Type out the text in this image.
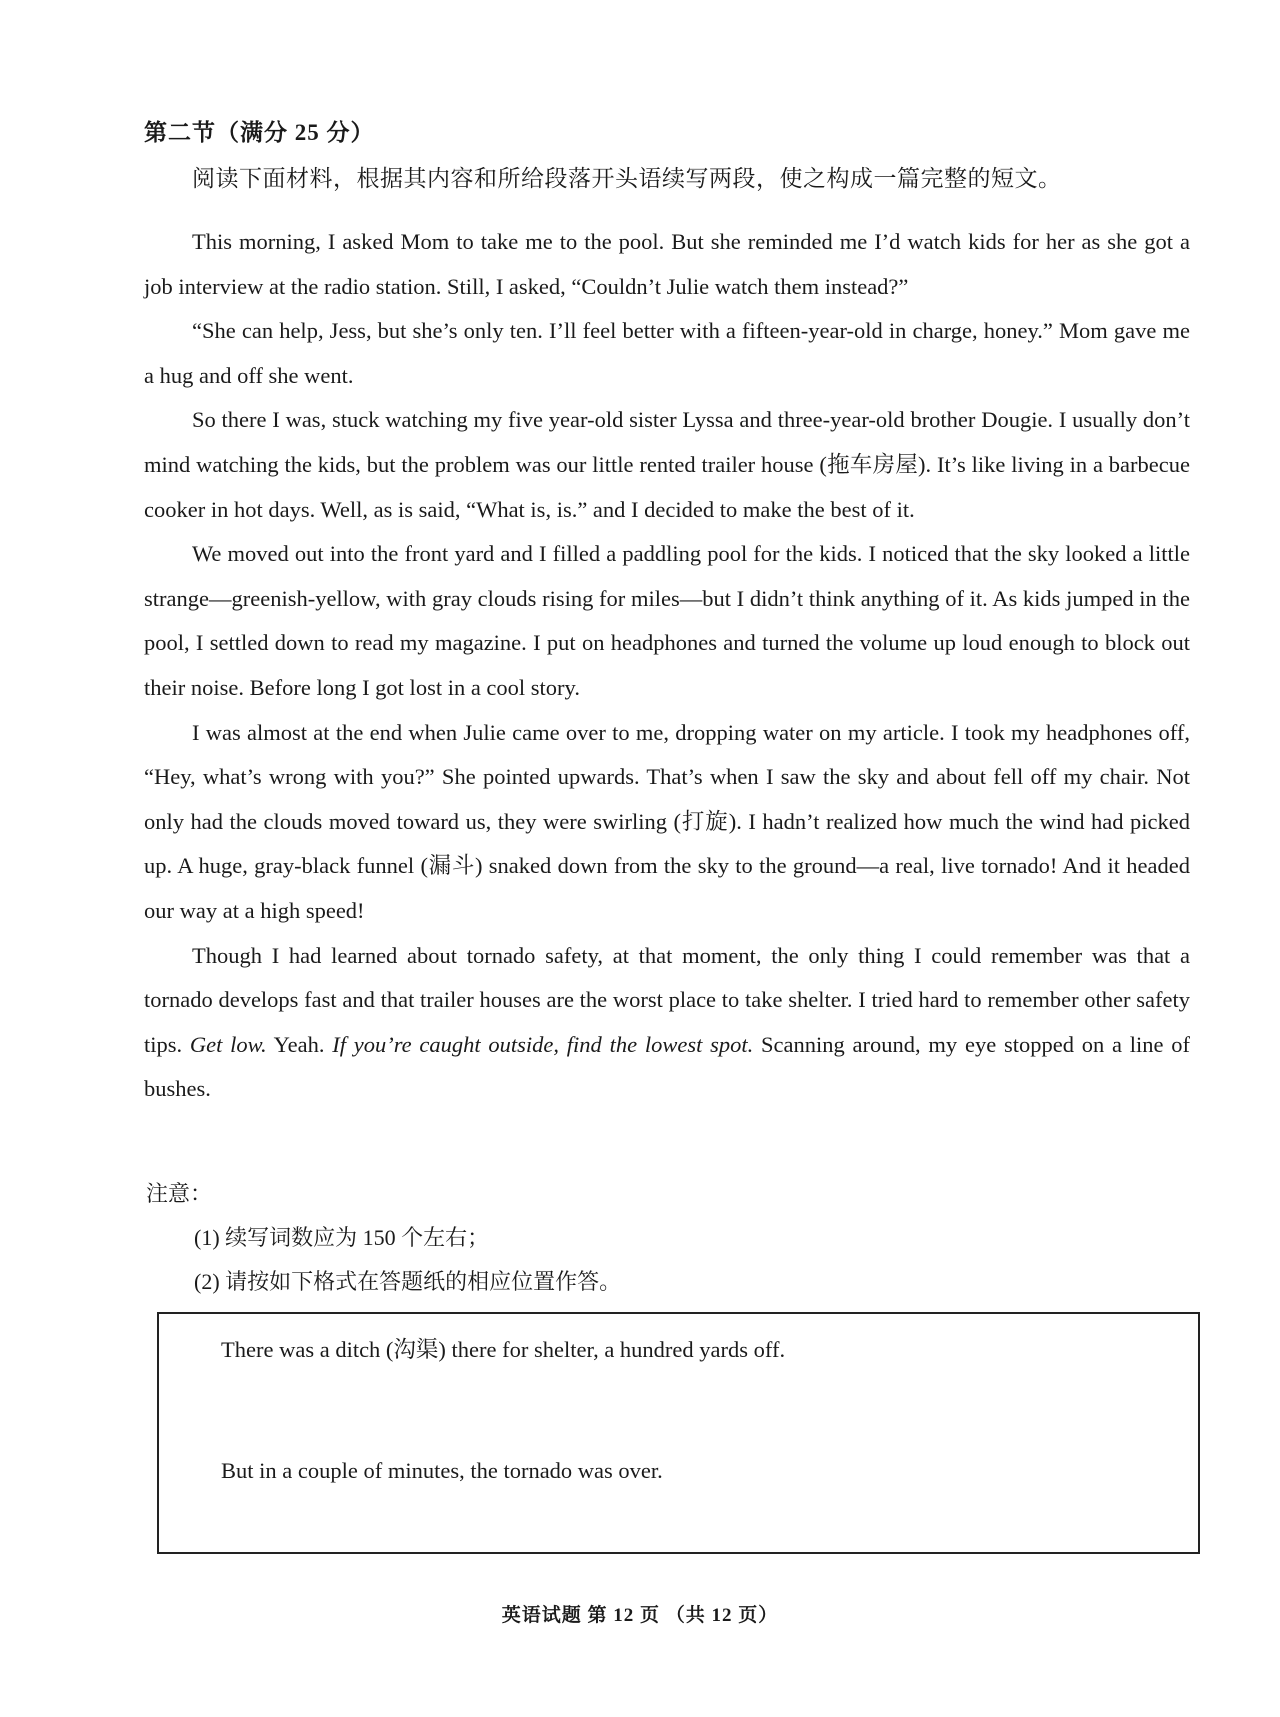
第二节（满分 25 分）

阅读下面材料，根据其内容和所给段落开头语续写两段，使之构成一篇完整的短文。

This morning, I asked Mom to take me to the pool. But she reminded me I’d watch kids for her as she got a job interview at the radio station. Still, I asked, “Couldn’t Julie watch them instead?”

“She can help, Jess, but she’s only ten. I’ll feel better with a fifteen-year-old in charge, honey.” Mom gave me a hug and off she went.

So there I was, stuck watching my five year-old sister Lyssa and three-year-old brother Dougie. I usually don’t mind watching the kids, but the problem was our little rented trailer house (拖车房屋). It’s like living in a barbecue cooker in hot days. Well, as is said, “What is, is.” and I decided to make the best of it.

We moved out into the front yard and I filled a paddling pool for the kids. I noticed that the sky looked a little strange—greenish-yellow, with gray clouds rising for miles—but I didn’t think anything of it. As kids jumped in the pool, I settled down to read my magazine. I put on headphones and turned the volume up loud enough to block out their noise. Before long I got lost in a cool story.

I was almost at the end when Julie came over to me, dropping water on my article. I took my headphones off, “Hey, what’s wrong with you?” She pointed upwards. That’s when I saw the sky and about fell off my chair. Not only had the clouds moved toward us, they were swirling (打旋). I hadn’t realized how much the wind had picked up. A huge, gray-black funnel (漏斗) snaked down from the sky to the ground—a real, live tornado! And it headed our way at a high speed!

Though I had learned about tornado safety, at that moment, the only thing I could remember was that a tornado develops fast and that trailer houses are the worst place to take shelter. I tried hard to remember other safety tips. Get low. Yeah. If you’re caught outside, find the lowest spot. Scanning around, my eye stopped on a line of bushes.

注意：
(1) 续写词数应为 150 个左右；
(2) 请按如下格式在答题纸的相应位置作答。

There was a ditch (沟渠) there for shelter, a hundred yards off.

But in a couple of minutes, the tornado was over.

英语试题 第 12 页 （共 12 页）
